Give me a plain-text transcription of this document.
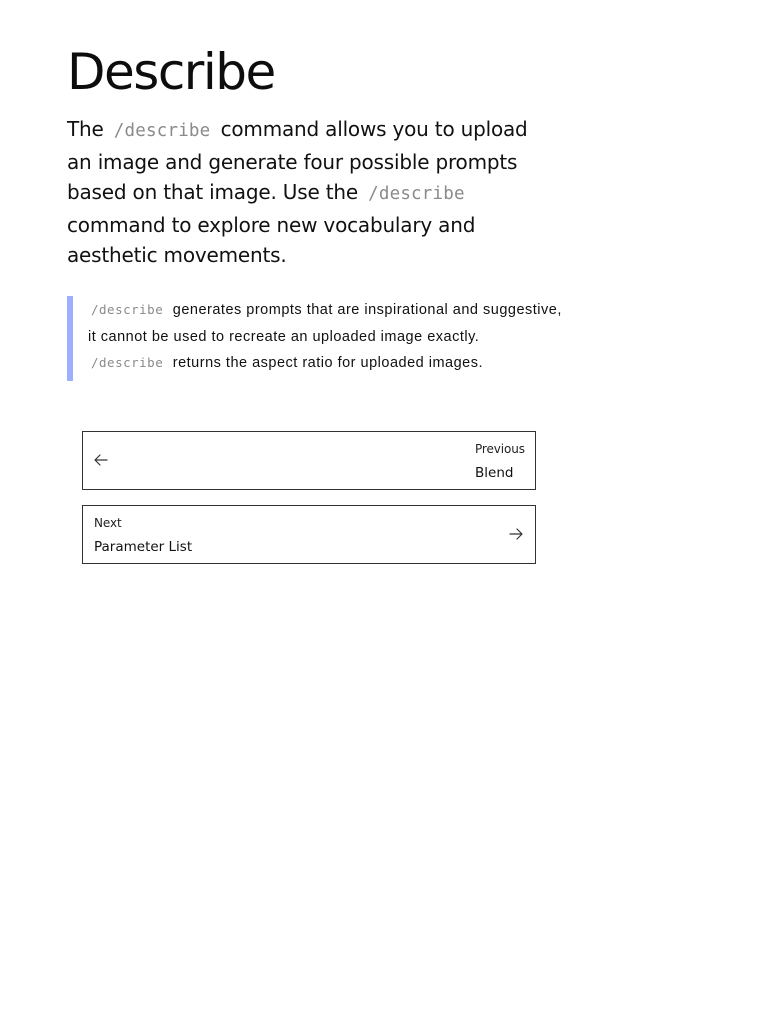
Describe

The /describe command allows you to upload an image and generate four possible prompts based on that image. Use the /describe command to explore new vocabulary and aesthetic movements.

/describe generates prompts that are inspirational and suggestive, it cannot be used to recreate an uploaded image exactly.

/describe returns the aspect ratio for uploaded images.

Previous
Blend
Next
Parameter List
